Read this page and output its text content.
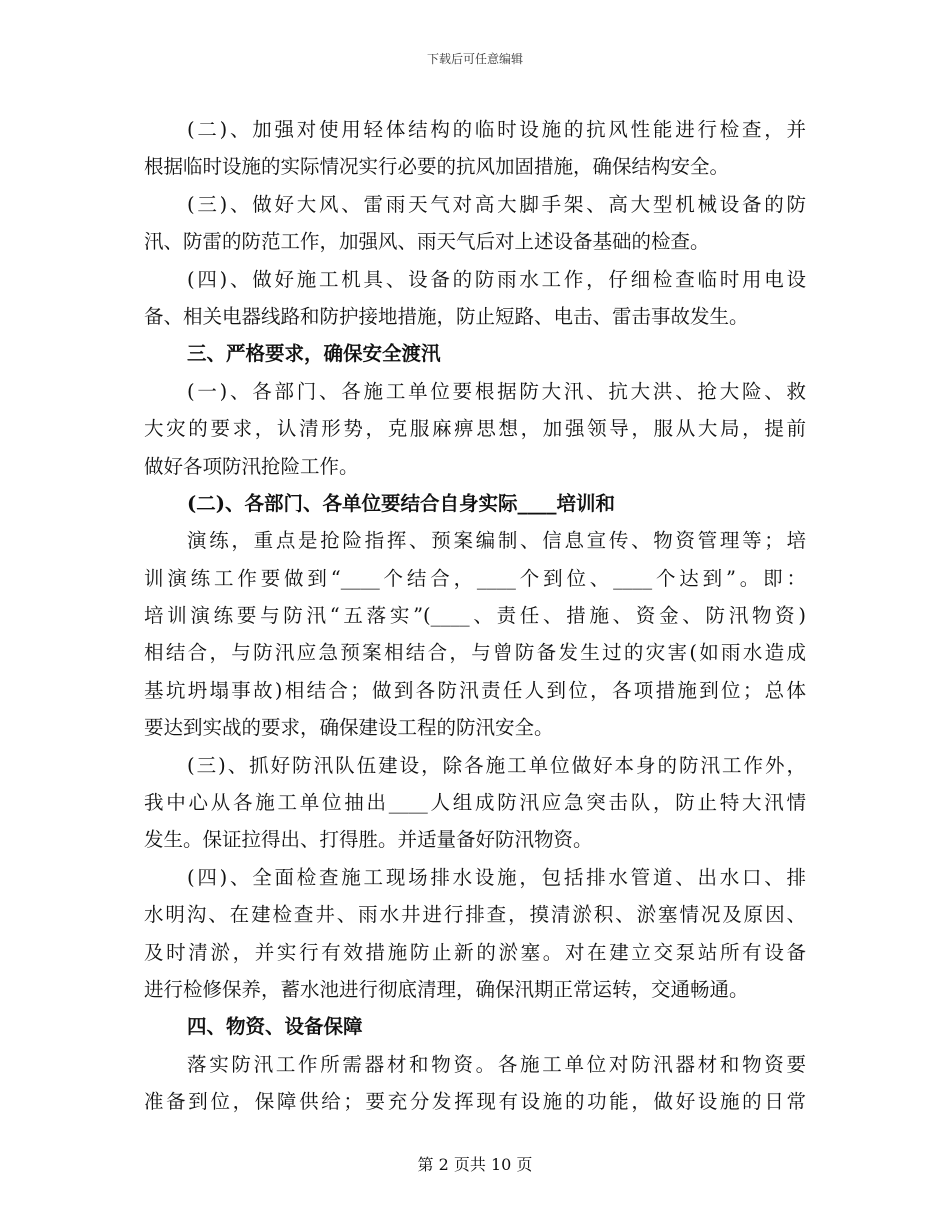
下载后可任意编辑
(二)、加强对使用轻体结构的临时设施的抗风性能进行检查，并
根据临时设施的实际情况实行必要的抗风加固措施，确保结构安全。
(三)、做好大风、雷雨天气对高大脚手架、高大型机械设备的防
汛、防雷的防范工作，加强风、雨天气后对上述设备基础的检查。
(四)、做好施工机具、设备的防雨水工作，仔细检查临时用电设
备、相关电器线路和防护接地措施，防止短路、电击、雷击事故发生。
三、严格要求，确保安全渡汛
(一)、各部门、各施工单位要根据防大汛、抗大洪、抢大险、救
大灾的要求，认清形势，克服麻痹思想，加强领导，服从大局，提前
做好各项防汛抢险工作。
(二)、各部门、各单位要结合自身实际____培训和
演练，重点是抢险指挥、预案编制、信息宣传、物资管理等；培
训演练工作要做到“____个结合，____个到位、____个达到”。即：
培训演练要与防汛“五落实”(____、责任、措施、资金、防汛物资)
相结合，与防汛应急预案相结合，与曾防备发生过的灾害(如雨水造成
基坑坍塌事故)相结合；做到各防汛责任人到位，各项措施到位；总体
要达到实战的要求，确保建设工程的防汛安全。
(三)、抓好防汛队伍建设，除各施工单位做好本身的防汛工作外，
我中心从各施工单位抽出____人组成防汛应急突击队，防止特大汛情
发生。保证拉得出、打得胜。并适量备好防汛物资。
(四)、全面检查施工现场排水设施，包括排水管道、出水口、排
水明沟、在建检查井、雨水井进行排查，摸清淤积、淤塞情况及原因、
及时清淤，并实行有效措施防止新的淤塞。对在建立交泵站所有设备
进行检修保养，蓄水池进行彻底清理，确保汛期正常运转，交通畅通。
四、物资、设备保障
落实防汛工作所需器材和物资。各施工单位对防汛器材和物资要
准备到位，保障供给；要充分发挥现有设施的功能，做好设施的日常
第 2 页共 10 页
